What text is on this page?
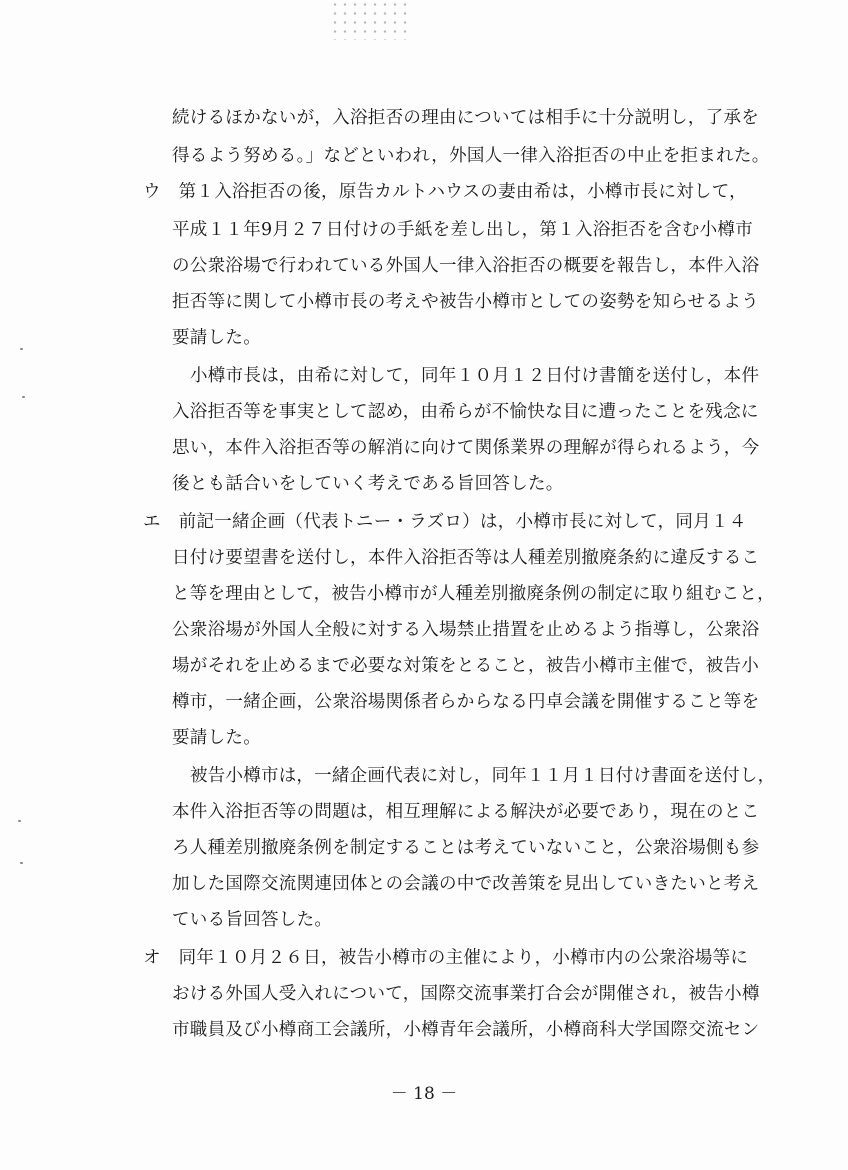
続けるほかないが，入浴拒否の理由については相手に十分説明し，了承を
得るよう努める。」などといわれ，外国人一律入浴拒否の中止を拒まれた。
ウ　第１入浴拒否の後，原告カルトハウスの妻由希は，小樽市長に対して，
平成１１年9月２７日付けの手紙を差し出し，第１入浴拒否を含む小樽市
の公衆浴場で行われている外国人一律入浴拒否の概要を報告し，本件入浴
拒否等に関して小樽市長の考えや被告小樽市としての姿勢を知らせるよう
要請した。
小樽市長は，由希に対して，同年１０月１２日付け書簡を送付し，本件
入浴拒否等を事実として認め，由希らが不愉快な目に遭ったことを残念に
思い，本件入浴拒否等の解消に向けて関係業界の理解が得られるよう，今
後とも話合いをしていく考えである旨回答した。
エ　前記一緒企画（代表トニー・ラズロ）は，小樽市長に対して，同月１４
日付け要望書を送付し，本件入浴拒否等は人種差別撤廃条約に違反するこ
と等を理由として，被告小樽市が人種差別撤廃条例の制定に取り組むこと，
公衆浴場が外国人全般に対する入場禁止措置を止めるよう指導し，公衆浴
場がそれを止めるまで必要な対策をとること，被告小樽市主催で，被告小
樽市，一緒企画，公衆浴場関係者らからなる円卓会議を開催すること等を
要請した。
被告小樽市は，一緒企画代表に対し，同年１１月１日付け書面を送付し，
本件入浴拒否等の問題は，相互理解による解決が必要であり，現在のとこ
ろ人種差別撤廃条例を制定することは考えていないこと，公衆浴場側も参
加した国際交流関連団体との会議の中で改善策を見出していきたいと考え
ている旨回答した。
オ　同年１０月２６日，被告小樽市の主催により，小樽市内の公衆浴場等に
おける外国人受入れについて，国際交流事業打合会が開催され，被告小樽
市職員及び小樽商工会議所，小樽青年会議所，小樽商科大学国際交流セン
－ 18 －
